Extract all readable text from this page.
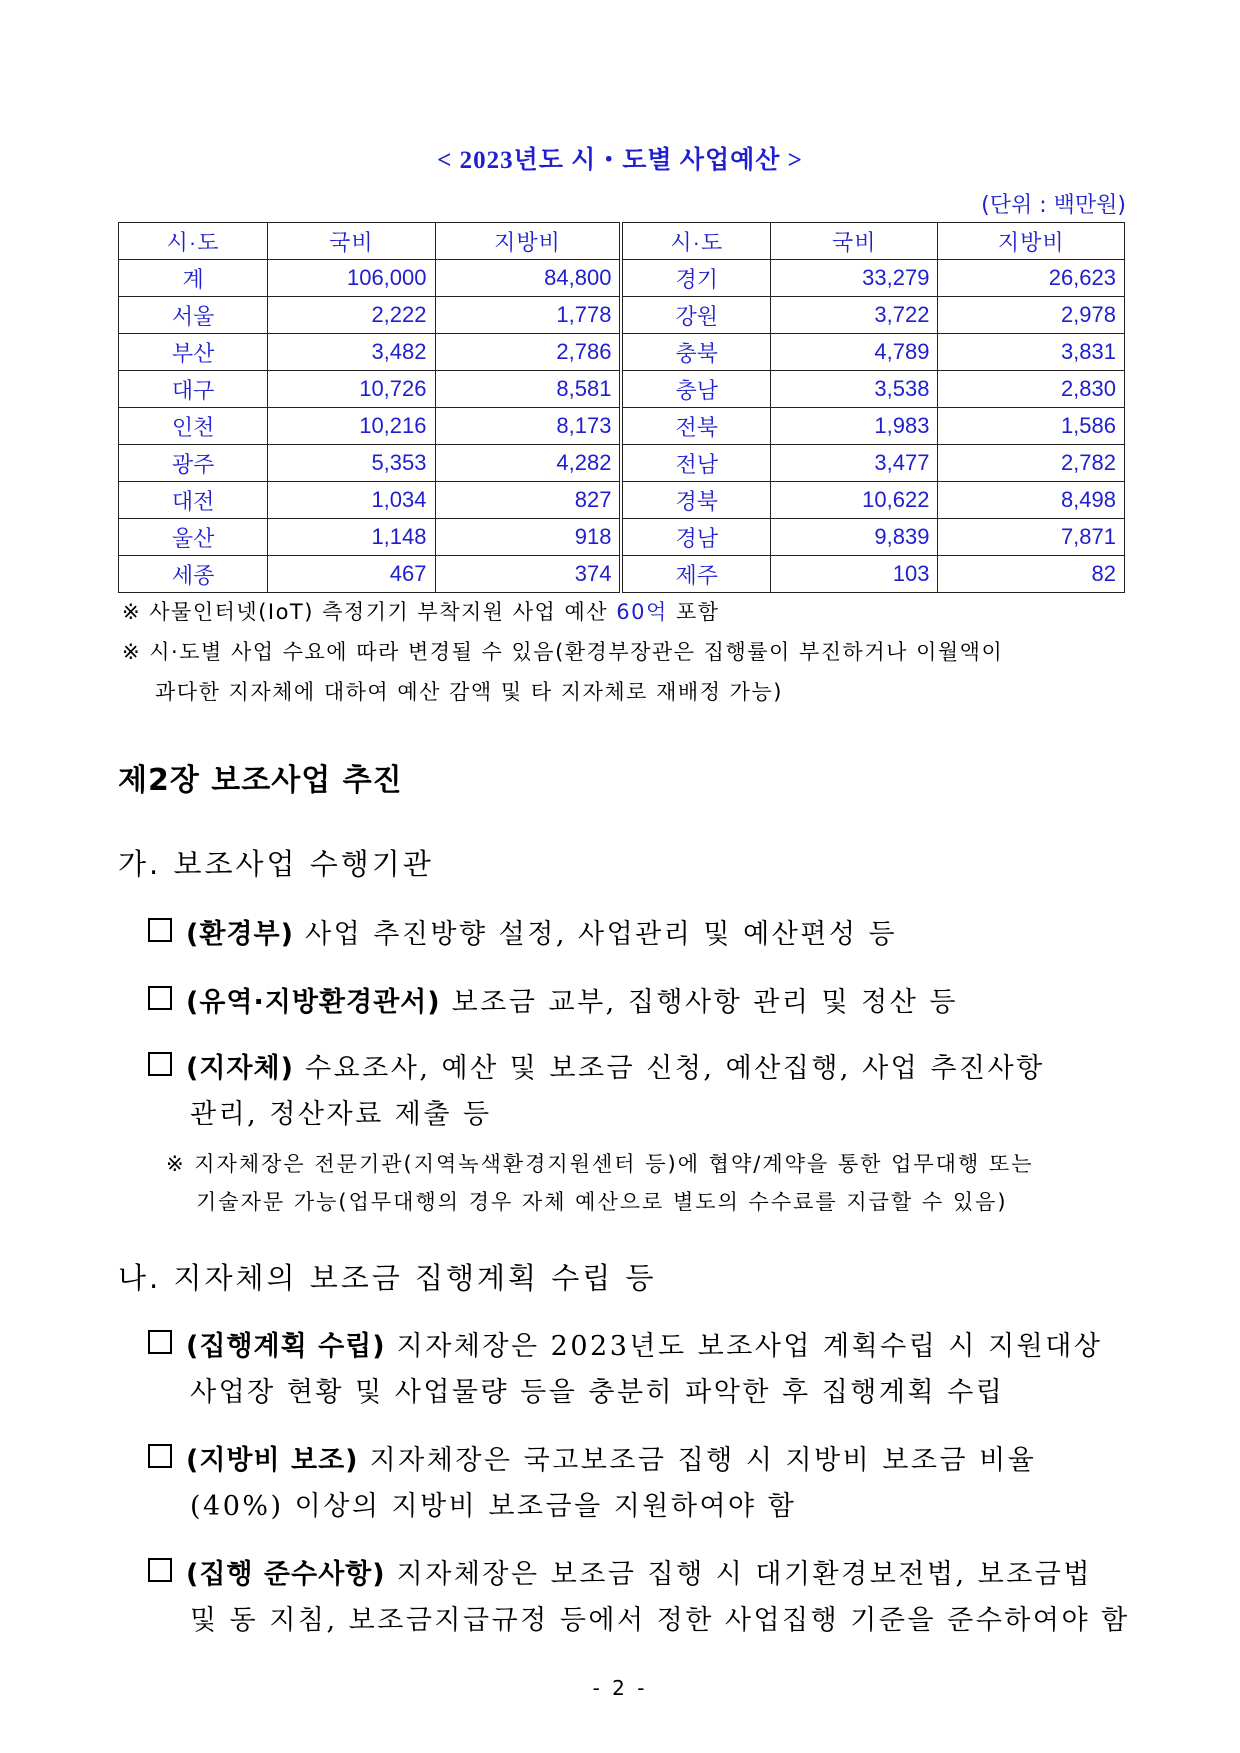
< 2023년도 시・도별 사업예산 >
(단위 : 백만원)
시·도	국비	지방비	시·도	국비	지방비
계	106,000	84,800	경기	33,279	26,623
서울	2,222	1,778	강원	3,722	2,978
부산	3,482	2,786	충북	4,789	3,831
대구	10,726	8,581	충남	3,538	2,830
인천	10,216	8,173	전북	1,983	1,586
광주	5,353	4,282	전남	3,477	2,782
대전	1,034	827	경북	10,622	8,498
울산	1,148	918	경남	9,839	7,871
세종	467	374	제주	103	82
※ 사물인터넷(IoT) 측정기기 부착지원 사업 예산 60억 포함
※ 시·도별 사업 수요에 따라 변경될 수 있음(환경부장관은 집행률이 부진하거나 이월액이
과다한 지자체에 대하여 예산 감액 및 타 지자체로 재배정 가능)
제2장 보조사업 추진
가. 보조사업 수행기관
(환경부) 사업 추진방향 설정, 사업관리 및 예산편성 등
(유역·지방환경관서) 보조금 교부, 집행사항 관리 및 정산 등
(지자체) 수요조사, 예산 및 보조금 신청, 예산집행, 사업 추진사항
관리, 정산자료 제출 등
※ 지자체장은 전문기관(지역녹색환경지원센터 등)에 협약/계약을 통한 업무대행 또는
기술자문 가능(업무대행의 경우 자체 예산으로 별도의 수수료를 지급할 수 있음)
나. 지자체의 보조금 집행계획 수립 등
(집행계획 수립) 지자체장은 2023년도 보조사업 계획수립 시 지원대상
사업장 현황 및 사업물량 등을 충분히 파악한 후 집행계획 수립
(지방비 보조) 지자체장은 국고보조금 집행 시 지방비 보조금 비율
(40%) 이상의 지방비 보조금을 지원하여야 함
(집행 준수사항) 지자체장은 보조금 집행 시 대기환경보전법, 보조금법
및 동 지침, 보조금지급규정 등에서 정한 사업집행 기준을 준수하여야 함
- 2 -
